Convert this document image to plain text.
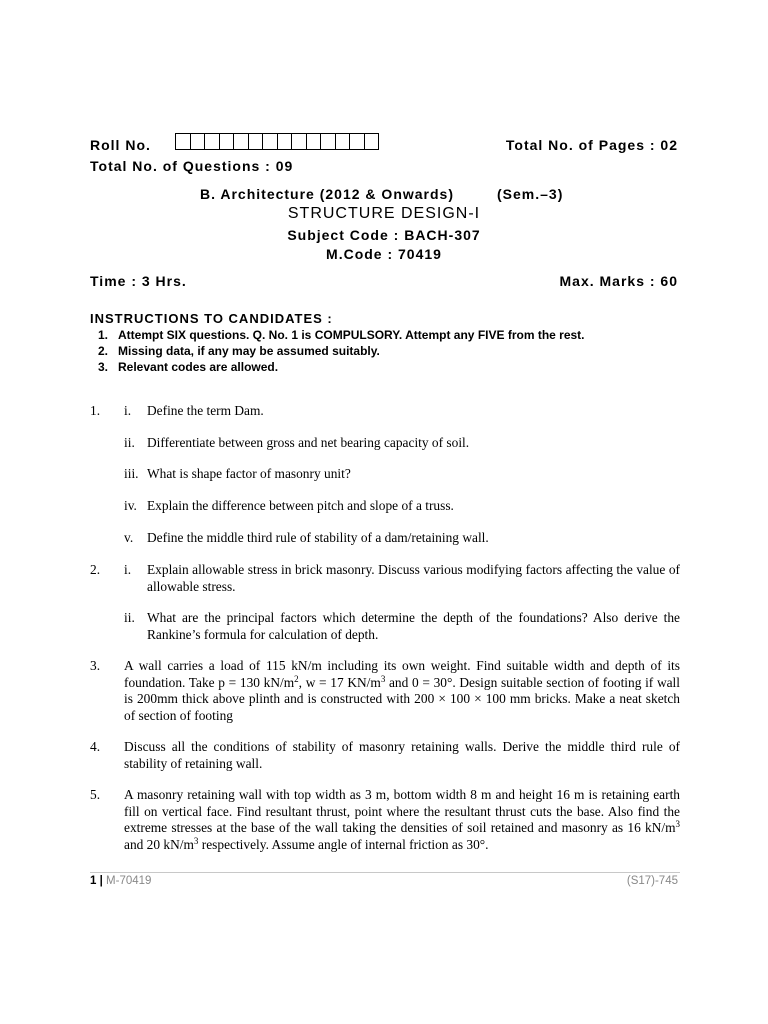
Roll No.	Total No. of Pages : 02
Total No. of Questions : 09
B. Architecture (2012 & Onwards)	(Sem.–3)
STRUCTURE DESIGN-I
Subject Code : BACH-307
M.Code : 70419
Time : 3 Hrs.	Max. Marks : 60
INSTRUCTIONS TO CANDIDATES :
1. Attempt SIX questions. Q. No. 1 is COMPULSORY. Attempt any FIVE from the rest.
2. Missing data, if any may be assumed suitably.
3. Relevant codes are allowed.
1.	i.	Define the term Dam.
ii. Differentiate between gross and net bearing capacity of soil.
iii. What is shape factor of masonry unit?
iv. Explain the difference between pitch and slope of a truss.
v.	Define the middle third rule of stability of a dam/retaining wall.
2.	i.	Explain allowable stress in brick masonry. Discuss various modifying factors affecting the value of allowable stress.
ii. What are the principal factors which determine the depth of the foundations? Also derive the Rankine’s formula for calculation of depth.
3.	A wall carries a load of 115 kN/m including its own weight. Find suitable width and depth of its foundation. Take p = 130 $kN/m^2$, w = 17 $KN/m^3$ and 0 = 30°. Design suitable section of footing if wall is 200mm thick above plinth and is constructed with 200 × 100 × 100 mm bricks. Make a neat sketch of section of footing
4.	Discuss all the conditions of stability of masonry retaining walls. Derive the middle third rule of stability of retaining wall.
5.	A masonry retaining wall with top width as 3 m, bottom width 8 m and height 16 m is retaining earth fill on vertical face. Find resultant thrust, point where the resultant thrust cuts the base. Also find the extreme stresses at the base of the wall taking the densities of soil retained and masonry as 16 $kN/m^3$ and 20 $kN/m^3$ respectively. Assume angle of internal friction as 30°.
1 | M-70419	(S17)-745
